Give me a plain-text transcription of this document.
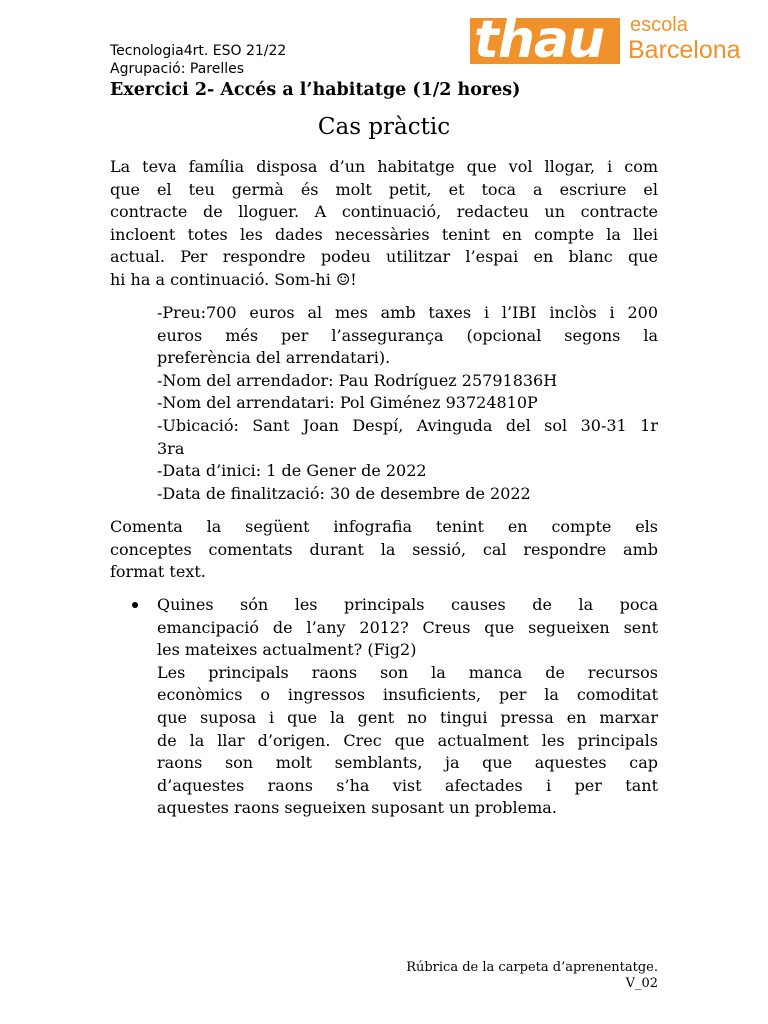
Tecnologia4rt. ESO 21/22
Agrupació: Parelles	thau escola
Barcelona
Exercici 2- Accés a l’habitatge (1/2 hores)
Cas pràctic
La teva família disposa d’un habitatge que vol llogar, i com
que el teu germà és molt petit, et toca a escriure el
contracte de lloguer. A continuació, redacteu un contracte
incloent totes les dades necessàries tenint en compte la llei
actual. Per respondre podeu utilitzar l’espai en blanc que
hi ha a continuació. Som-hi ☺!
-Preu:700 euros al mes amb taxes i l’IBI inclòs i 200
euros més per l’assegurança (opcional segons la
preferència del arrendatari).
-Nom del arrendador: Pau Rodríguez 25791836H
-Nom del arrendatari: Pol Giménez 93724810P
-Ubicació: Sant Joan Despí, Avinguda del sol 30-31 1r
3ra
-Data d’inici: 1 de Gener de 2022
-Data de finalització: 30 de desembre de 2022
Comenta la següent infografia tenint en compte els
conceptes comentats durant la sessió, cal respondre amb
format text.
Quines són les principals causes de la poca
emancipació de l’any 2012? Creus que segueixen sent
les mateixes actualment? (Fig2)
Les principals raons son la manca de recursos
econòmics o ingressos insuficients, per la comoditat
que suposa i que la gent no tingui pressa en marxar
de la llar d’origen. Crec que actualment les principals
raons son molt semblants, ja que aquestes cap
d’aquestes raons s’ha vist afectades i per tant
aquestes raons segueixen suposant un problema.
Rúbrica de la carpeta d’aprenentatge.
V_02
